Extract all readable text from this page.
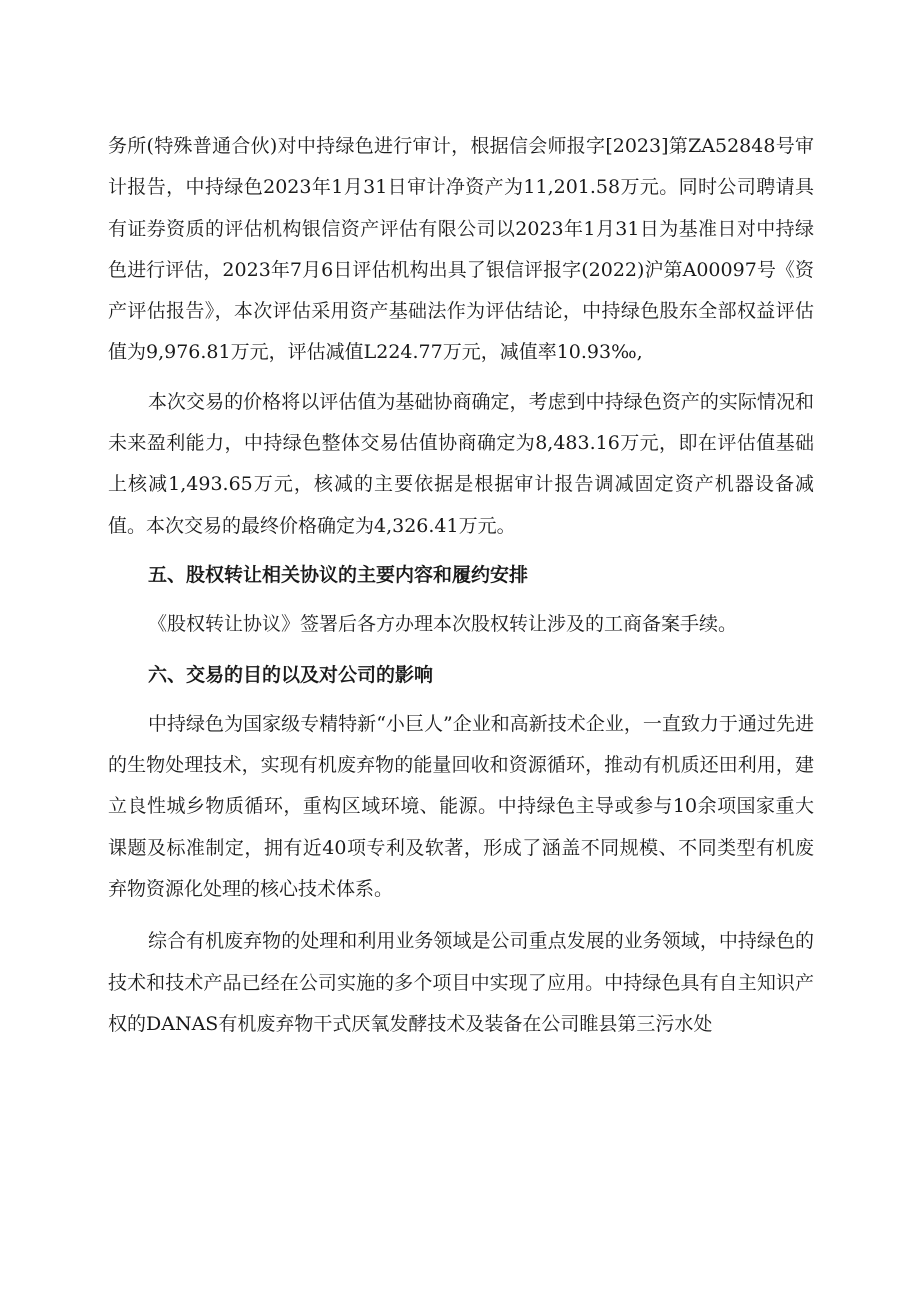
务所(特殊普通合伙)对中持绿色进行审计，根据信会师报字[2023]第ZA52848号审计报告，中持绿色2023年1月31日审计净资产为11,201.58万元。同时公司聘请具有证券资质的评估机构银信资产评估有限公司以2023年1月31日为基准日对中持绿色进行评估，2023年7月6日评估机构出具了银信评报字(2022)沪第A00097号《资产评估报告》，本次评估采用资产基础法作为评估结论，中持绿色股东全部权益评估值为9,976.81万元，评估减值L224.77万元，减值率10.93‰,

本次交易的价格将以评估值为基础协商确定，考虑到中持绿色资产的实际情况和未来盈利能力，中持绿色整体交易估值协商确定为8,483.16万元，即在评估值基础上核减1,493.65万元，核减的主要依据是根据审计报告调减固定资产机器设备减值。本次交易的最终价格确定为4,326.41万元。

五、股权转让相关协议的主要内容和履约安排

《股权转让协议》签署后各方办理本次股权转让涉及的工商备案手续。

六、交易的目的以及对公司的影响

中持绿色为国家级专精特新“小巨人”企业和高新技术企业，一直致力于通过先进的生物处理技术，实现有机废弃物的能量回收和资源循环，推动有机质还田利用，建立良性城乡物质循环，重构区域环境、能源。中持绿色主导或参与10余项国家重大课题及标准制定，拥有近40项专利及软著，形成了涵盖不同规模、不同类型有机废弃物资源化处理的核心技术体系。

综合有机废弃物的处理和利用业务领域是公司重点发展的业务领域，中持绿色的技术和技术产品已经在公司实施的多个项目中实现了应用。中持绿色具有自主知识产权的DANAS有机废弃物干式厌氧发酵技术及装备在公司睢县第三污水处
